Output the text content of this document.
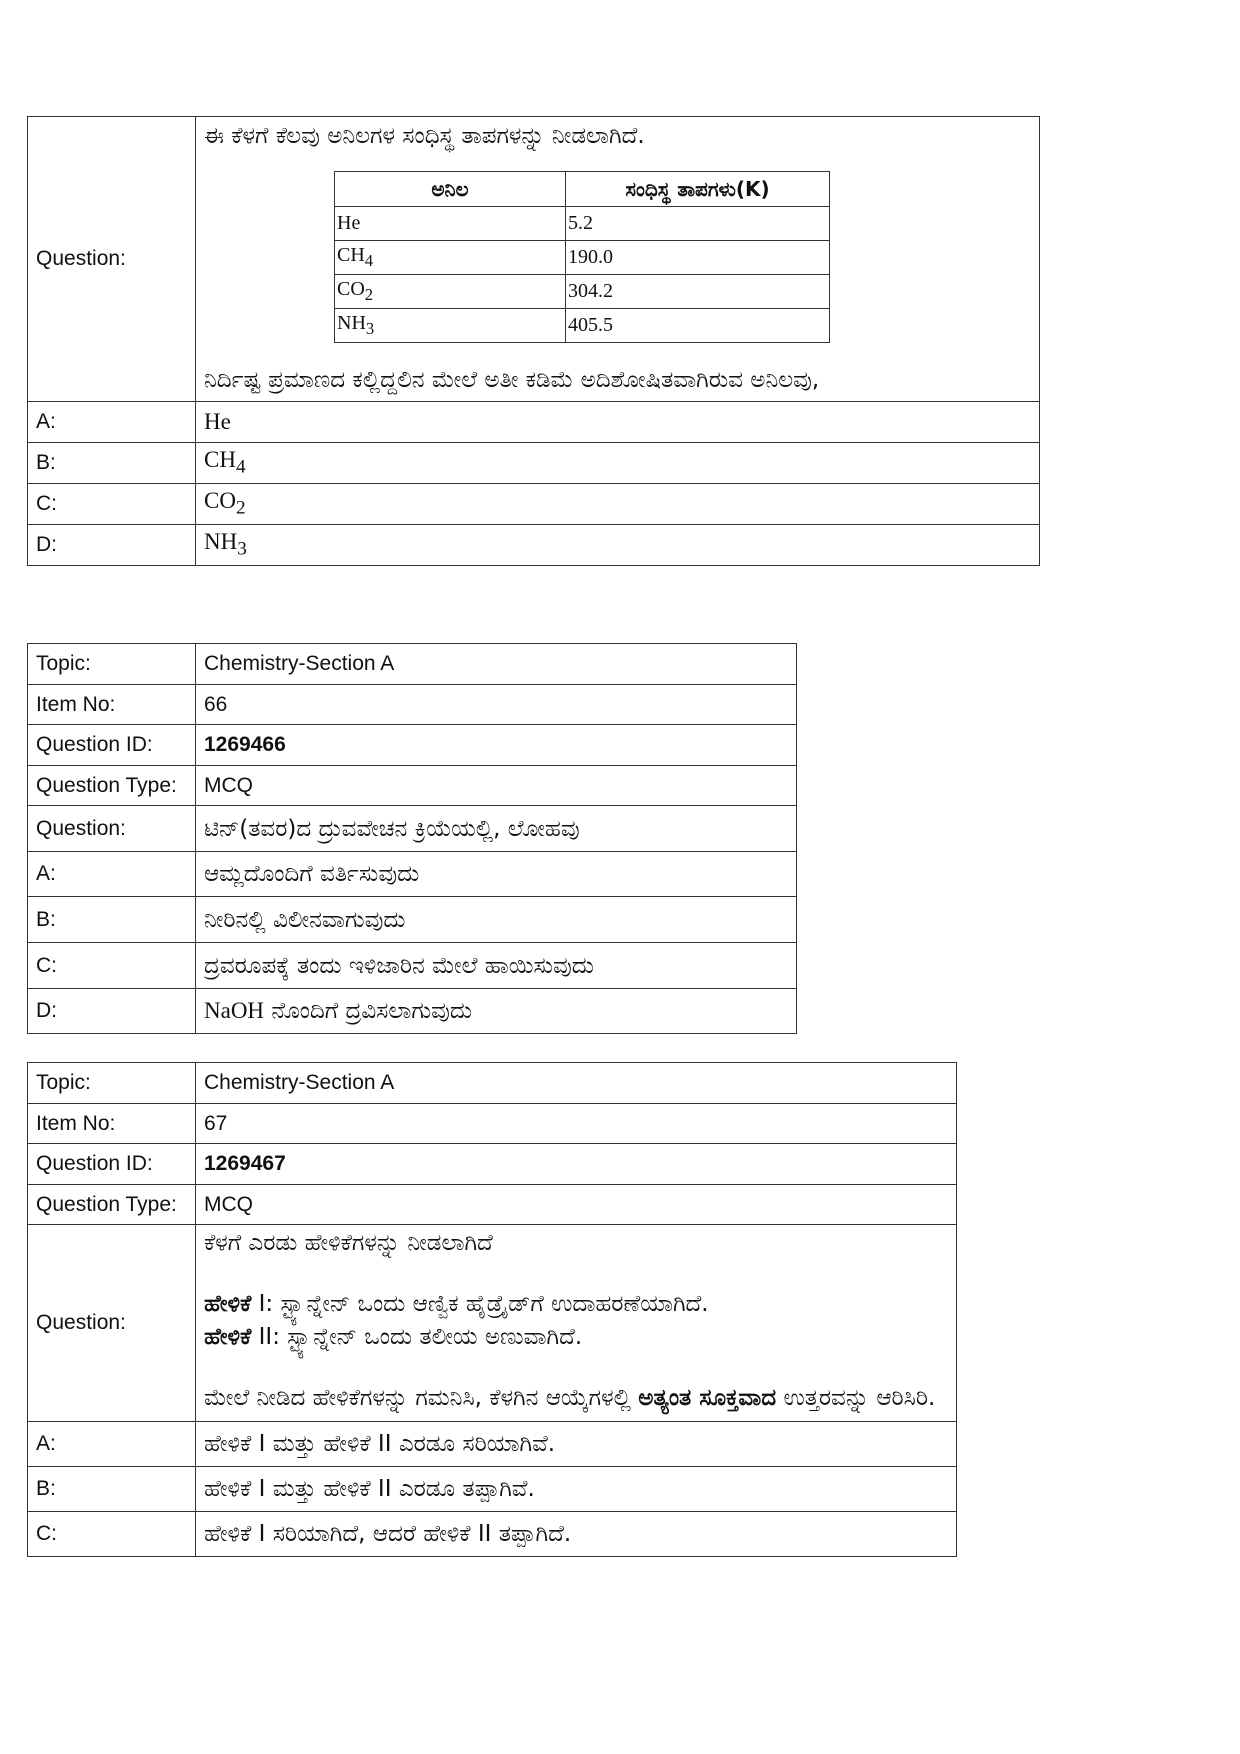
Question:	
ಈ ಕೆಳಗೆ ಕೆಲವು ಅನಿಲಗಳ ಸಂಧಿಸ್ಥ ತಾಪಗಳನ್ನು ನೀಡಲಾಗಿದೆ.
ಅನಿಲ	ಸಂಧಿಸ್ಥ ತಾಪಗಳು(K)
He	5.2
$CH_4$	190.0
$CO_2$	304.2
$NH_3$	405.5
ನಿರ್ದಿಷ್ಟ ಪ್ರಮಾಣದ ಕಲ್ಲಿದ್ದಲಿನ ಮೇಲೆ ಅತೀ ಕಡಿಮೆ ಅದಿಶೋಷಿತವಾಗಿರುವ ಅನಿಲವು,

A:	He
B:	$CH_4$
C:	$CO_2$
D:	$NH_3$
Topic:	Chemistry-Section A
Item No:	66
Question ID:	1269466
Question Type:	MCQ
Question:	ಟಿನ್(ತವರ)ದ ದ್ರುವವೇಚನ ಕ್ರಿಯೆಯಲ್ಲಿ, ಲೋಹವು
A:	ಆಮ್ಲದೊಂದಿಗೆ ವರ್ತಿಸುವುದು
B:	ನೀರಿನಲ್ಲಿ ವಿಲೀನವಾಗುವುದು
C:	ದ್ರವರೂಪಕ್ಕೆ ತಂದು ಇಳಿಜಾರಿನ ಮೇಲೆ ಹಾಯಿಸುವುದು
D:	NaOH ನೊಂದಿಗೆ ದ್ರವಿಸಲಾಗುವುದು
Topic:	Chemistry-Section A
Item No:	67
Question ID:	1269467
Question Type:	MCQ
Question:	ಕೆಳಗೆ ಎರಡು ಹೇಳಿಕೆಗಳನ್ನು ನೀಡಲಾಗಿದೆ
ಹೇಳಿಕೆ I: ಸ್ಟ್ಯಾನ್ನೇನ್ ಒಂದು ಆಣ್ವಿಕ ಹೈಡ್ರೈಡ್‌ಗೆ ಉದಾಹರಣೆಯಾಗಿದೆ.
ಹೇಳಿಕೆ II: ಸ್ಟ್ಯಾನ್ನೇನ್ ಒಂದು ತಲೀಯ ಅಣುವಾಗಿದೆ.
ಮೇಲೆ ನೀಡಿದ ಹೇಳಿಕೆಗಳನ್ನು ಗಮನಿಸಿ, ಕೆಳಗಿನ ಆಯ್ಕೆಗಳಲ್ಲಿ ಅತ್ಯಂತ ಸೂಕ್ತವಾದ ಉತ್ತರವನ್ನು ಆರಿಸಿರಿ.

A:	ಹೇಳಿಕೆ I ಮತ್ತು ಹೇಳಿಕೆ II ಎರಡೂ ಸರಿಯಾಗಿವೆ.
B:	ಹೇಳಿಕೆ I ಮತ್ತು ಹೇಳಿಕೆ II ಎರಡೂ ತಪ್ಪಾಗಿವೆ.
C:	ಹೇಳಿಕೆ I ಸರಿಯಾಗಿದೆ, ಆದರೆ ಹೇಳಿಕೆ II ತಪ್ಪಾಗಿದೆ.
